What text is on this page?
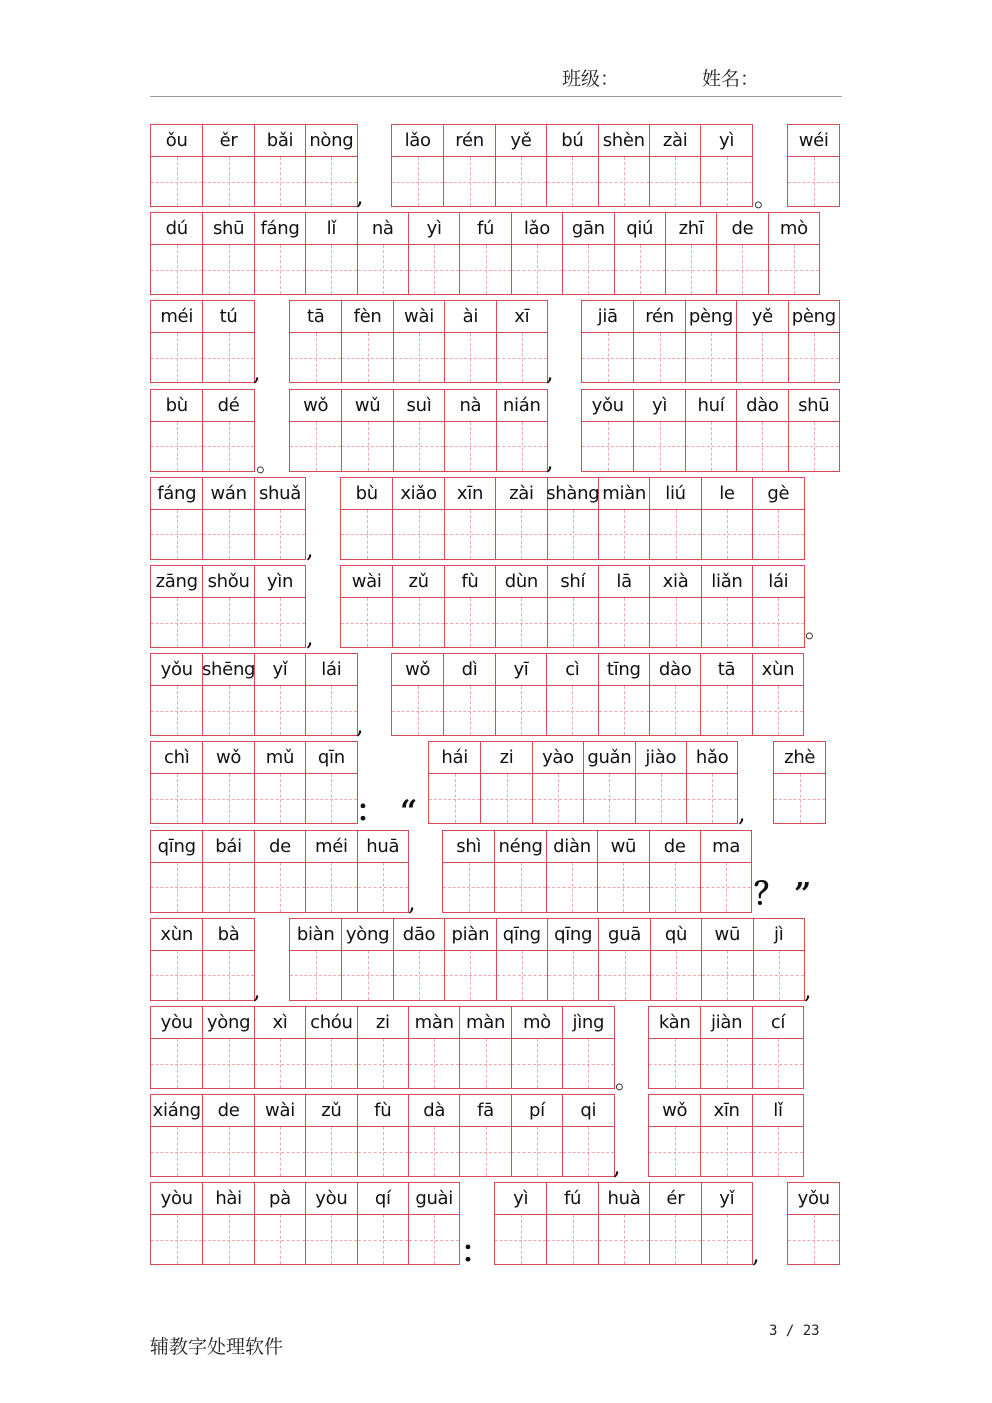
班级：	姓名：
ǒu	ěr	bǎi nòng	lǎo	rén	yě	bú	shèn	zài	yì	wéi
,	。
dú	shū fáng	lǐ	nà	yì	fú	lǎo	gān	qiú	zhī	de	mò
méi	tú	tā	fèn	wài	ài	xī	jiā	rén pèng	yě	pèng
,	,
bù	dé	wǒ	wǔ	suì	nà	nián	yǒu	yì	huí	dào	shū
。	,
fáng wán shuǎ	bù	xiǎo	xīn	zài shàng miàn	liú	le	gè
,
zāng shǒu yìn	wài	zǔ	fù	dùn	shí	lā	xià	liǎn	lái
,	。
yǒu shēng yǐ	lái	wǒ	dì	yī	cì	tīng	dào	tā	xùn
,
chì	wǒ	mǔ	qīn	hái	zi	yào guǎn jiào	hǎo	zhè
：“	,
qīng	bái	de	méi	huā	shì néng diàn	wū	de	ma
,	？”
xùn	bà	biàn yòng dāo piàn qīng qīng guā	qù	wū	jì
,	,
yòu yòng	xì	chóu	zi	màn màn mò	jìng	kàn	jiàn	cí
。
xiáng de	wài	zǔ	fù	dà	fā	pí	qi	wǒ	xīn	lǐ
,
yòu	hài	pà	yòu	qí	guài	yì	fú	huà	ér	yǐ	yǒu
：	,
辅教字处理软件
3 / 23
